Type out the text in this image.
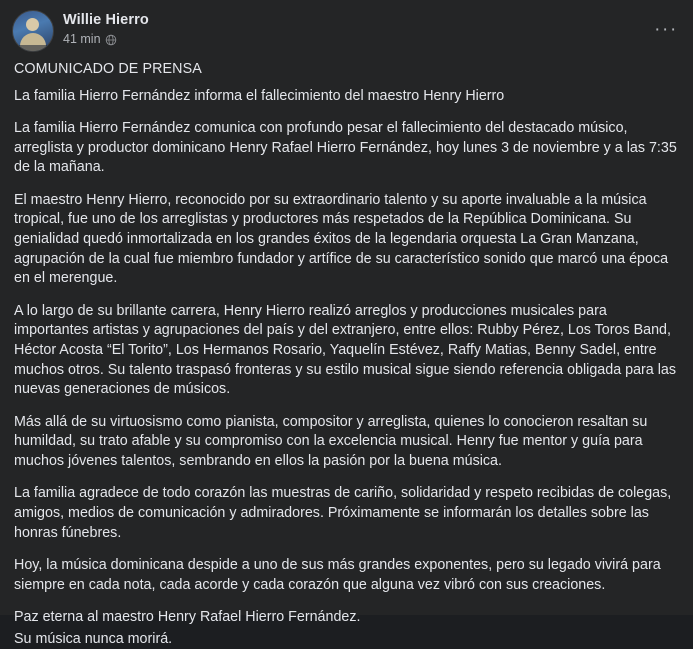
Willie Hierro
41 min	···

COMUNICADO DE PRENSA

La familia Hierro Fernández informa el fallecimiento del maestro Henry Hierro

La familia Hierro Fernández comunica con profundo pesar el fallecimiento del destacado músico, arreglista y productor dominicano Henry Rafael Hierro Fernández, hoy lunes 3 de noviembre y a las 7:35 de la mañana.

El maestro Henry Hierro, reconocido por su extraordinario talento y su aporte invaluable a la música tropical, fue uno de los arreglistas y productores más respetados de la República Dominicana. Su genialidad quedó inmortalizada en los grandes éxitos de la legendaria orquesta La Gran Manzana, agrupación de la cual fue miembro fundador y artífice de su característico sonido que marcó una época en el merengue.

A lo largo de su brillante carrera, Henry Hierro realizó arreglos y producciones musicales para importantes artistas y agrupaciones del país y del extranjero, entre ellos: Rubby Pérez, Los Toros Band, Héctor Acosta “El Torito”, Los Hermanos Rosario, Yaquelín Estévez, Raffy Matias, Benny Sadel, entre muchos otros. Su talento traspasó fronteras y su estilo musical sigue siendo referencia obligada para las nuevas generaciones de músicos.

Más allá de su virtuosismo como pianista, compositor y arreglista, quienes lo conocieron resaltan su humildad, su trato afable y su compromiso con la excelencia musical. Henry fue mentor y guía para muchos jóvenes talentos, sembrando en ellos la pasión por la buena música.

La familia agradece de todo corazón las muestras de cariño, solidaridad y respeto recibidas de colegas, amigos, medios de comunicación y admiradores. Próximamente se informarán los detalles sobre las honras fúnebres.

Hoy, la música dominicana despide a uno de sus más grandes exponentes, pero su legado vivirá para siempre en cada nota, cada acorde y cada corazón que alguna vez vibró con sus creaciones.

Paz eterna al maestro Henry Rafael Hierro Fernández.

Su música nunca morirá.
